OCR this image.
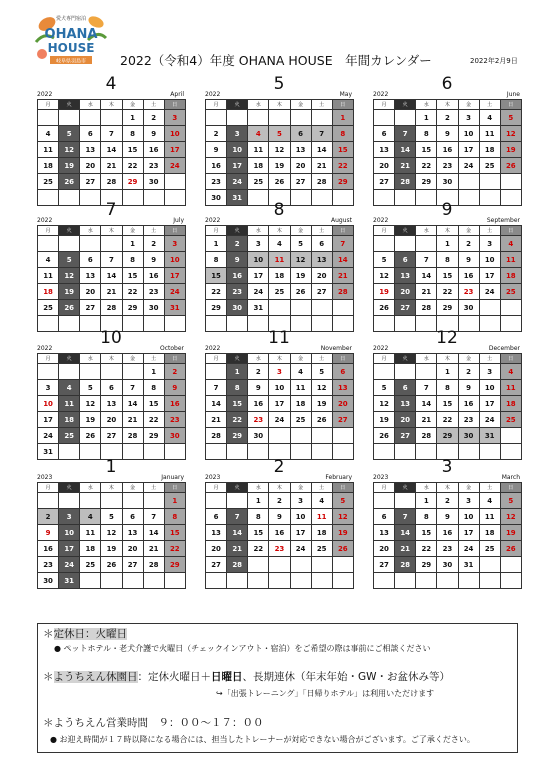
愛犬専門宿泊
OHANA
HOUSE
岐阜県羽島市	2022（令和4）年度 OHANA HOUSE　年間カレンダー	2022年2月9日
2022
4
April
月	火	水	木	金	土	日
				1	2	3
4	5	6	7	8	9	10
11	12	13	14	15	16	17
18	19	20	21	22	23	24
25	26	27	28	29	30	

2022
5
May
月	火	水	木	金	土	日
						1
2	3	4	5	6	7	8
9	10	11	12	13	14	15
16	17	18	19	20	21	22
23	24	25	26	27	28	29
30	31					
2022
6
June
月	火	水	木	金	土	日
		1	2	3	4	5
6	7	8	9	10	11	12
13	14	15	16	17	18	19
20	21	22	23	24	25	26
27	28	29	30			

2022
7
July
月	火	水	木	金	土	日
				1	2	3
4	5	6	7	8	9	10
11	12	13	14	15	16	17
18	19	20	21	22	23	24
25	26	27	28	29	30	31

2022
8
August
月	火	水	木	金	土	日
1	2	3	4	5	6	7
8	9	10	11	12	13	14
15	16	17	18	19	20	21
22	23	24	25	26	27	28
29	30	31				

2022
9
September
月	火	水	木	金	土	日
			1	2	3	4
5	6	7	8	9	10	11
12	13	14	15	16	17	18
19	20	21	22	23	24	25
26	27	28	29	30		

2022
10
October
月	火	水	木	金	土	日
					1	2
3	4	5	6	7	8	9
10	11	12	13	14	15	16
17	18	19	20	21	22	23
24	25	26	27	28	29	30
31						
2022
11
November
月	火	水	木	金	土	日
	1	2	3	4	5	6
7	8	9	10	11	12	13
14	15	16	17	18	19	20
21	22	23	24	25	26	27
28	29	30				

2022
12
December
月	火	水	木	金	土	日
			1	2	3	4
5	6	7	8	9	10	11
12	13	14	15	16	17	18
19	20	21	22	23	24	25
26	27	28	29	30	31	

2023
1
January
月	火	水	木	金	土	日
						1
2	3	4	5	6	7	8
9	10	11	12	13	14	15
16	17	18	19	20	21	22
23	24	25	26	27	28	29
30	31					
2023
2
February
月	火	水	木	金	土	日
		1	2	3	4	5
6	7	8	9	10	11	12
13	14	15	16	17	18	19
20	21	22	23	24	25	26
27	28					

2023
3
March
月	火	水	木	金	土	日
		1	2	3	4	5
6	7	8	9	10	11	12
13	14	15	16	17	18	19
20	21	22	23	24	25	26
27	28	29	30	31		

＊定休日：火曜日
● ペットホテル・老犬介護で火曜日（チェックインアウト・宿泊）をご希望の際は事前にご相談ください
＊ようちえん休園日：定休火曜日＋日曜日、長期連休（年末年始・GW・お盆休み等）
↪「出張トレーニング」「日帰りホテル」は利用いただけます
＊ようちえん営業時間　９：００～１７：００
● お迎え時間が１７時以降になる場合には、担当したトレーナーが対応できない場合がございます。ご了承ください。
